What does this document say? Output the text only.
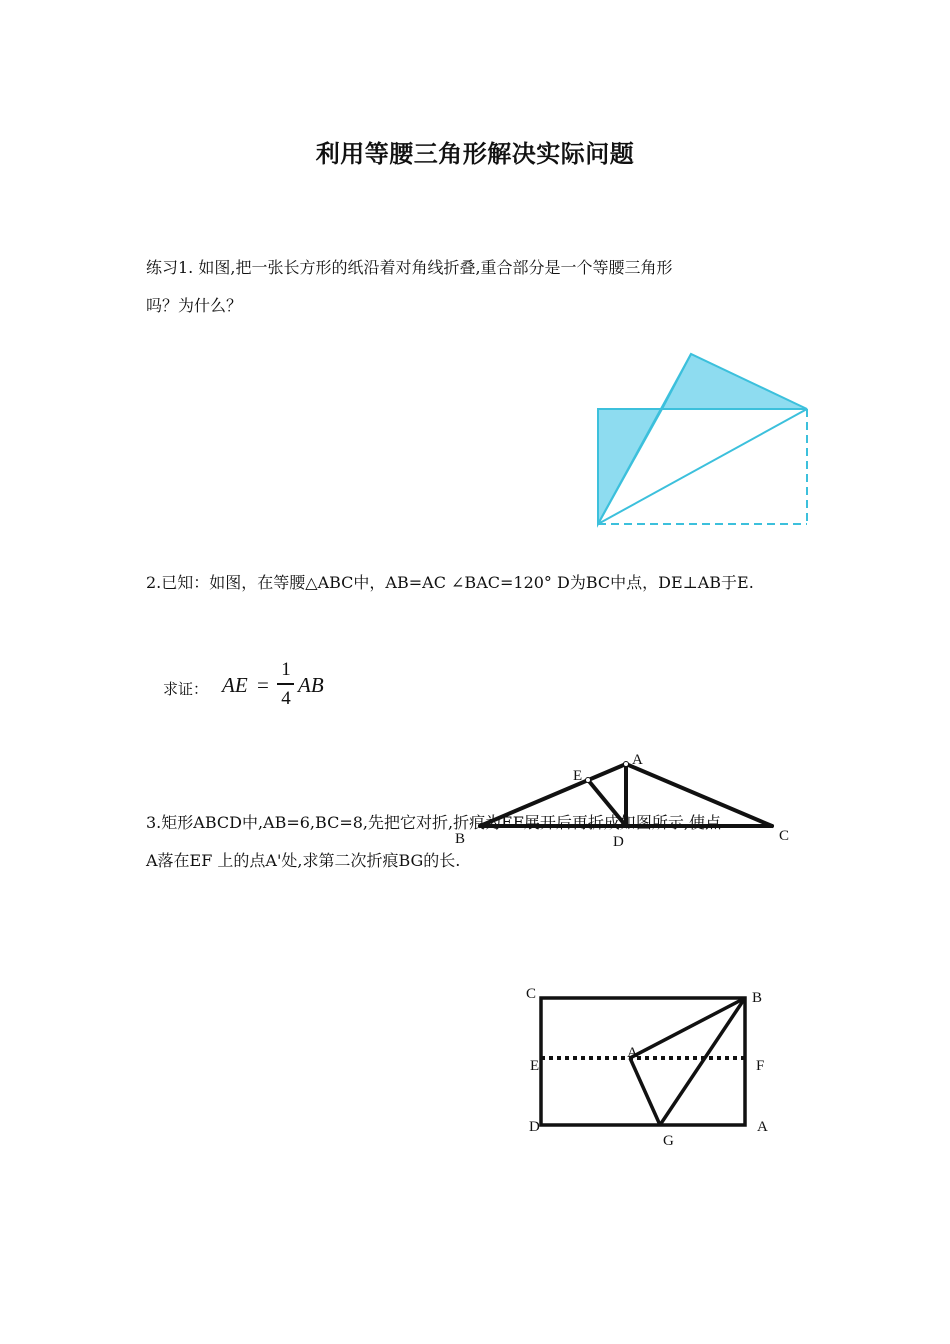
利用等腰三角形解决实际问题
练习1. 如图,把一张长方形的纸沿着对角线折叠,重合部分是一个等腰三角形
吗？为什么？
2.已知：如图，在等腰△ABC中，AB=AC ∠BAC=120° D为BC中点，DE⊥AB于E.
求证： AE =
1
4
AB
3.矩形ABCD中,AB=6,BC=8,先把它对折,折痕为EF展开后再折成如图所示,使点
A落在EF 上的点A'处,求第二次折痕BG的长.
A
E
B	D	C
C	B
E
A
F
D
G
A
